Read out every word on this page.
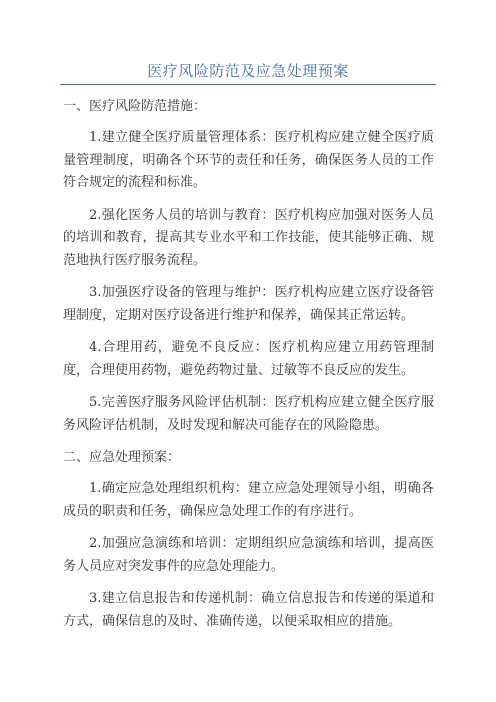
医疗风险防范及应急处理预案
一、医疗风险防范措施：

1.建立健全医疗质量管理体系：医疗机构应建立健全医疗质量管理制度，明确各个环节的责任和任务，确保医务人员的工作符合规定的流程和标准。

2.强化医务人员的培训与教育：医疗机构应加强对医务人员的培训和教育，提高其专业水平和工作技能，使其能够正确、规范地执行医疗服务流程。

3.加强医疗设备的管理与维护：医疗机构应建立医疗设备管理制度，定期对医疗设备进行维护和保养，确保其正常运转。

4.合理用药，避免不良反应：医疗机构应建立用药管理制度，合理使用药物，避免药物过量、过敏等不良反应的发生。

5.完善医疗服务风险评估机制：医疗机构应建立健全医疗服务风险评估机制，及时发现和解决可能存在的风险隐患。

二、应急处理预案：

1.确定应急处理组织机构：建立应急处理领导小组，明确各成员的职责和任务，确保应急处理工作的有序进行。

2.加强应急演练和培训：定期组织应急演练和培训，提高医务人员应对突发事件的应急处理能力。

3.建立信息报告和传递机制：确立信息报告和传递的渠道和方式，确保信息的及时、准确传递，以便采取相应的措施。
